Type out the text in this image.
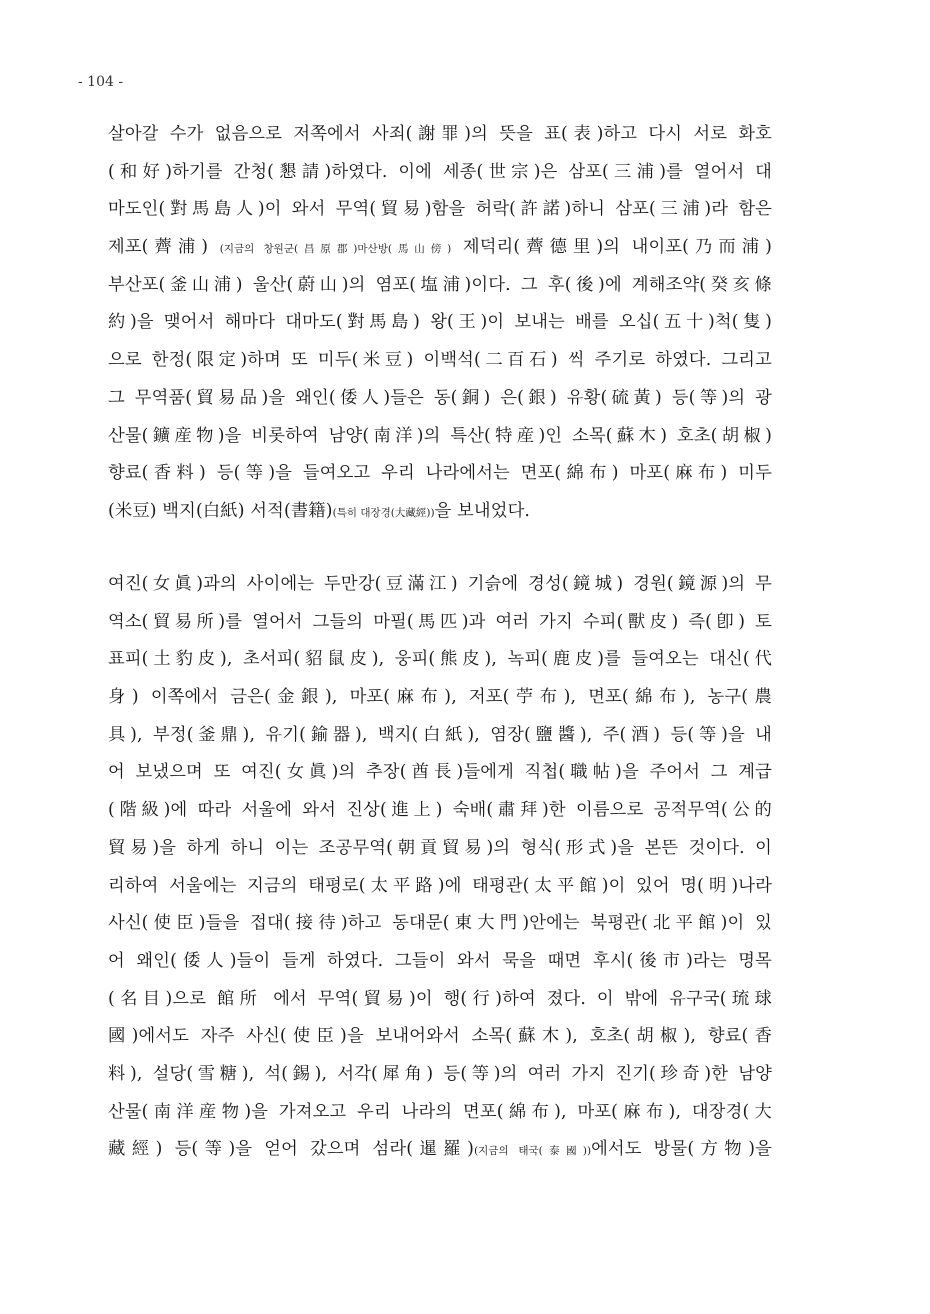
- 104 -
살아갈 수가 없음으로 저쪽에서 사죄(謝罪)의 뜻을 표(表)하고 다시 서로 화호
(和好)하기를 간청(懇請)하였다. 이에 세종(世宗)은 삼포(三浦)를 열어서 대
마도인(對馬島人)이 와서 무역(貿易)함을 허락(許諾)하니 삼포(三浦)라 함은
제포(薺浦) (지금의 창원군(昌原郡)마산방(馬山傍) 제덕리(薺德里)의 내이포(乃而浦)
부산포(釜山浦) 울산(蔚山)의 염포(塩浦)이다. 그 후(後)에 계해조약(癸亥條
約)을 맺어서 해마다 대마도(對馬島) 왕(王)이 보내는 배를 오십(五十)척(隻)
으로 한정(限定)하며 또 미두(米豆) 이백석(二百石) 씩 주기로 하였다. 그리고
그 무역품(貿易品)을 왜인(倭人)들은 동(銅) 은(銀) 유황(硫黃) 등(等)의 광
산물(鑛産物)을 비롯하여 남양(南洋)의 특산(特産)인 소목(蘇木) 호초(胡椒)
향료(香料) 등(等)을 들여오고 우리 나라에서는 면포(綿布) 마포(麻布) 미두
(米豆) 백지(白紙) 서적(書籍)(특히 대장경(大藏經))을 보내었다.
여진(女眞)과의 사이에는 두만강(豆滿江) 기슭에 경성(鏡城) 경원(鏡源)의 무
역소(貿易所)를 열어서 그들의 마필(馬匹)과 여러 가지 수피(獸皮) 즉(卽) 토
표피(土豹皮), 초서피(貂鼠皮), 웅피(熊皮), 녹피(鹿皮)를 들여오는 대신(代
身) 이쪽에서 금은(金銀), 마포(麻布), 저포(苧布), 면포(綿布), 농구(農
具), 부정(釜鼎), 유기(鍮器), 백지(白紙), 염장(鹽醬), 주(酒) 등(等)을 내
어 보냈으며 또 여진(女眞)의 추장(酋長)들에게 직첩(職帖)을 주어서 그 계급
(階級)에 따라 서울에 와서 진상(進上) 숙배(肅拜)한 이름으로 공적무역(公的
貿易)을 하게 하니 이는 조공무역(朝貢貿易)의 형식(形式)을 본뜬 것이다. 이
리하여 서울에는 지금의 태평로(太平路)에 태평관(太平館)이 있어 명(明)나라
사신(使臣)들을 접대(接待)하고 동대문(東大門)안에는 북평관(北平館)이 있
어 왜인(倭人)들이 들게 하였다. 그들이 와서 묵을 때면 후시(後市)라는 명목
(名目)으로 館所 에서 무역(貿易)이 행(行)하여 졌다. 이 밖에 유구국(琉球
國)에서도 자주 사신(使臣)을 보내어와서 소목(蘇木), 호초(胡椒), 향료(香
料), 설당(雪糖), 석(錫), 서각(犀角) 등(等)의 여러 가지 진기(珍奇)한 남양
산물(南洋産物)을 가져오고 우리 나라의 면포(綿布), 마포(麻布), 대장경(大
藏經) 등(等)을 얻어 갔으며 섬라(暹羅)(지금의 태국(泰國))에서도 방물(方物)을
